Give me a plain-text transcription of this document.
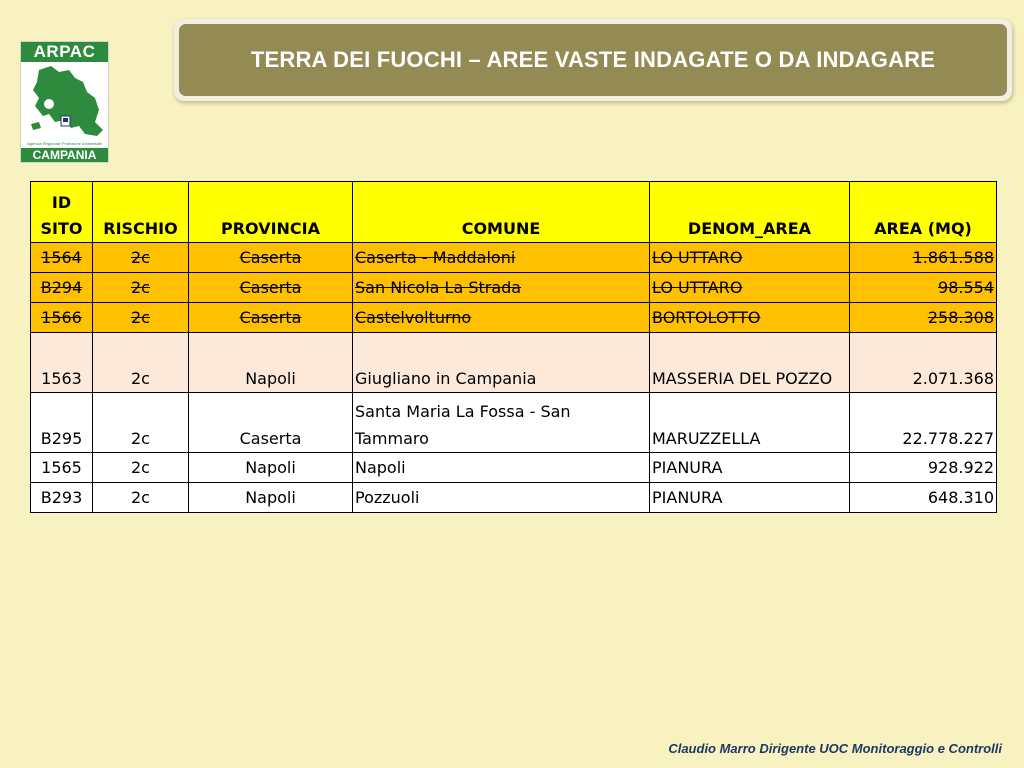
ARPAC
Agenzia Regionale Protezione Ambientale
CAMPANIA
TERRA DEI FUOCHI – AREE VASTE INDAGATE O DA INDAGARE
ID
SITO	RISCHIO	PROVINCIA	COMUNE	DENOM_AREA	AREA (MQ)
1564	2c	Caserta	Caserta - Maddaloni	LO UTTARO	1.861.588
B294	2c	Caserta	San Nicola La Strada	LO UTTARO	98.554
1566	2c	Caserta	Castelvolturno	BORTOLOTTO	258.308
1563	2c	Napoli	Giugliano in Campania	MASSERIA DEL POZZO	2.071.368
B295	2c	Caserta	Santa Maria La Fossa - San Tammaro	MARUZZELLA	22.778.227
1565	2c	Napoli	Napoli	PIANURA	928.922
B293	2c	Napoli	Pozzuoli	PIANURA	648.310
Claudio Marro Dirigente UOC Monitoraggio e Controlli
